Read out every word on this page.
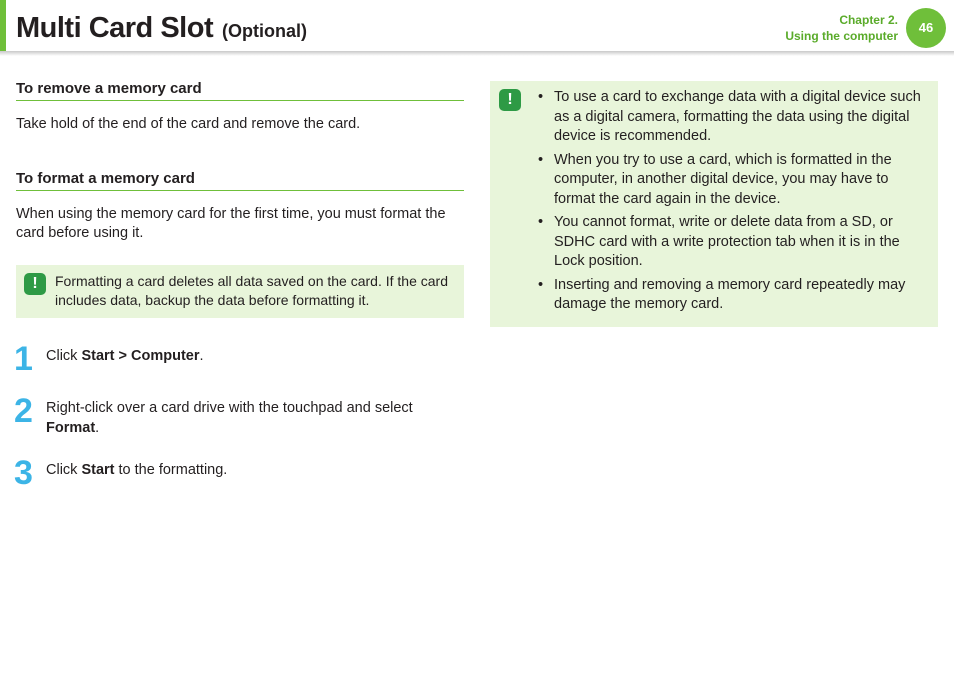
Multi Card Slot (Optional)
Chapter 2.
Using the computer
46
To remove a memory card

Take hold of the end of the card and remove the card.

To format a memory card

When using the memory card for the first time, you must format the card before using it.

!	Formatting a card deletes all data saved on the card. If the card includes data, backup the data before formatting it.
1 Click Start > Computer.
2 Right-click over a card drive with the touchpad and select Format.
3 Click Start to the formatting.
!	• To use a card to exchange data with a digital device such as a digital camera, formatting the data using the digital device is recommended.
• When you try to use a card, which is formatted in the computer, in another digital device, you may have to format the card again in the device.
• You cannot format, write or delete data from a SD, or SDHC card with a write protection tab when it is in the Lock position.
• Inserting and removing a memory card repeatedly may damage the memory card.
